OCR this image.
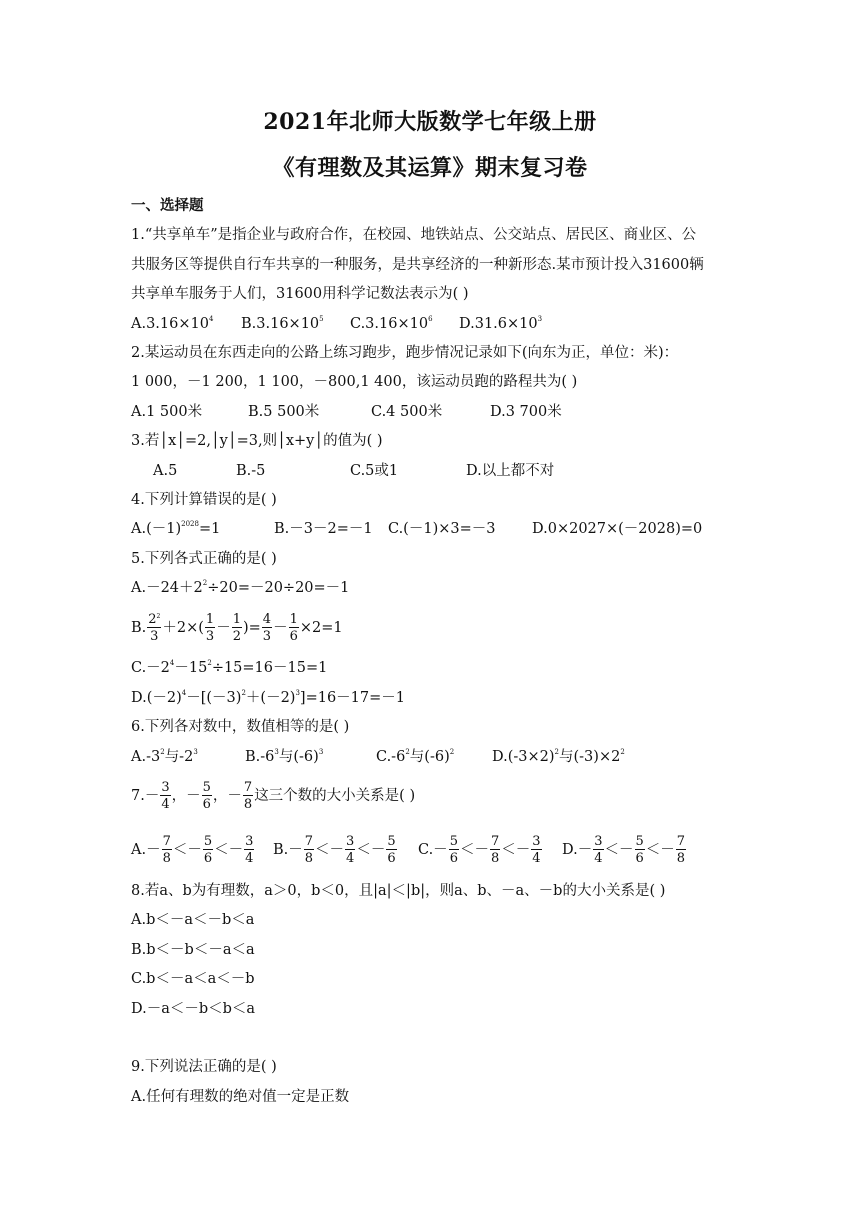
2021年北师大版数学七年级上册
《有理数及其运算》期末复习卷
一、选择题
1.“共享单车”是指企业与政府合作，在校园、地铁站点、公交站点、居民区、商业区、公
共服务区等提供自行车共享的一种服务，是共享经济的一种新形态.某市预计投入31600辆
共享单车服务于人们，31600用科学记数法表示为( )
$A.3.16\times 10^4$ $B.3.16\times 10^5$ $C.3.16\times 10^6$ $D.31.6\times 10^3$
2.某运动员在东西走向的公路上练习跑步，跑步情况记录如下(向东为正，单位：米)：
1 000，－1 200，1 100，－800,1 400，该运动员跑的路程共为( )
A.1 500米	B.5 500米	C.4 500米	D.3 700米
3.若│x│=2,│y│=3,则│x+y│的值为( )
A.5	B.-5	C.5或1	D.以上都不对
4.下列计算错误的是( )
$A.(-1)^{2028}=1$	B.－3－2=－1 C.(－1)×3=－3	D.0×2027×(－2028)=0
5.下列各式正确的是( )
$A.-24+2^2\div 20=-20\div 20=-1$
B. $\frac{2^2}{3} +2\times( \frac{1}{3} - \frac{1}{2}$ )= $\frac{4}{3} - \frac{1}{6} \times 2=1$
$C.-2^4-15^2\div 15=16-15=1$
$D.(-2)^4-[(-3)^2+(-2)^3]=16-17=-1$
6.下列各对数中，数值相等的是( )
$A.-3^2$与$-2^3$	$B.-6^3$与$(-6)^3$	$C.-6^2$与$(-6)^2$	$D.(-3\times 2)^2$与$(-3)\times 2^2$
$7.- \frac{3}{4}$ ，－ $\frac{5}{6}$ ，－ $\frac{7}{8}$ 这三个数的大小关系是( )
$A.- \frac{7}{8} <- \frac{5}{6} <- \frac{3}{4} B.- \frac{7}{8} <- \frac{3}{4} <- \frac{5}{6} C.- \frac{5}{6} <- \frac{7}{8} <- \frac{3}{4} D.- \frac{3}{4} <- \frac{5}{6} <- \frac{7}{8}$
8.若a、b为有理数，a＞0，b＜0，且|a|＜|b|，则a、b、－a、－b的大小关系是( )
A.b＜－a＜－b＜a
B.b＜－b＜－a＜a
C.b＜－a＜a＜－b
D.－a＜－b＜b＜a
9.下列说法正确的是( )
A.任何有理数的绝对值一定是正数
